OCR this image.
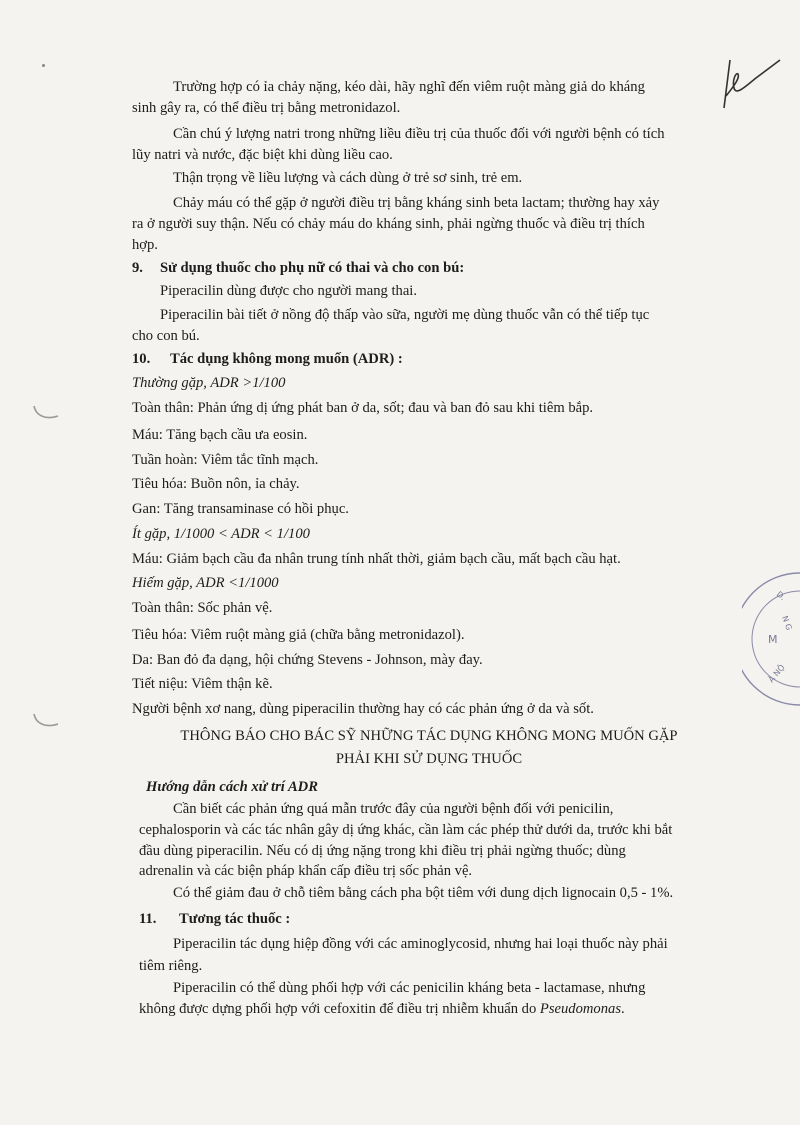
M
D.
N G
À NỘ
Trường hợp có ỉa chảy nặng, kéo dài, hãy nghĩ đến viêm ruột màng giả do kháng
sinh gây ra, có thể điều trị bằng metronidazol.
Cần chú ý lượng natri trong những liều điều trị của thuốc đối với người bệnh có tích
lũy natri và nước, đặc biệt khi dùng liều cao.
Thận trọng về liều lượng và cách dùng ở trẻ sơ sinh, trẻ em.
Chảy máu có thể gặp ở người điều trị bằng kháng sinh beta lactam; thường hay xảy
ra ở người suy thận. Nếu có chảy máu do kháng sinh, phải ngừng thuốc và điều trị thích
hợp.
9. Sử dụng thuốc cho phụ nữ có thai và cho con bú:
Piperacilin dùng được cho người mang thai.
Piperacilin bài tiết ở nồng độ thấp vào sữa, người mẹ dùng thuốc vẫn có thể tiếp tục
cho con bú.
10. Tác dụng không mong muốn (ADR) :
Thường gặp, ADR >1/100
Toàn thân: Phản ứng dị ứng phát ban ở da, sốt; đau và ban đỏ sau khi tiêm bắp.
Máu: Tăng bạch cầu ưa eosin.
Tuần hoàn: Viêm tắc tĩnh mạch.
Tiêu hóa: Buồn nôn, ỉa chảy.
Gan: Tăng transaminase có hồi phục.
Ít gặp, 1/1000 < ADR < 1/100
Máu: Giảm bạch cầu đa nhân trung tính nhất thời, giảm bạch cầu, mất bạch cầu hạt.
Hiếm gặp, ADR <1/1000
Toàn thân: Sốc phản vệ.
Tiêu hóa: Viêm ruột màng giả (chữa bằng metronidazol).
Da: Ban đỏ đa dạng, hội chứng Stevens - Johnson, mày đay.
Tiết niệu: Viêm thận kẽ.
Người bệnh xơ nang, dùng piperacilin thường hay có các phản ứng ở da và sốt.
THÔNG BÁO CHO BÁC SỸ NHỮNG TÁC DỤNG KHÔNG MONG MUỐN GẶP
PHẢI KHI SỬ DỤNG THUỐC
Hướng dẫn cách xử trí ADR
Cần biết các phản ứng quá mẫn trước đây của người bệnh đối với penicilin,
cephalosporin và các tác nhân gây dị ứng khác, cần làm các phép thử dưới da, trước khi bắt
đầu dùng piperacilin. Nếu có dị ứng nặng trong khi điều trị phải ngừng thuốc; dùng
adrenalin và các biện pháp khẩn cấp điều trị sốc phản vệ.
Có thể giảm đau ở chỗ tiêm bằng cách pha bột tiêm với dung dịch lignocain 0,5 - 1%.
11. Tương tác thuốc :
Piperacilin tác dụng hiệp đồng với các aminoglycosid, nhưng hai loại thuốc này phải
tiêm riêng.
Piperacilin có thể dùng phối hợp với các penicilin kháng beta - lactamase, nhưng
không được dựng phối hợp với cefoxitin để điều trị nhiễm khuẩn do Pseudomonas.
